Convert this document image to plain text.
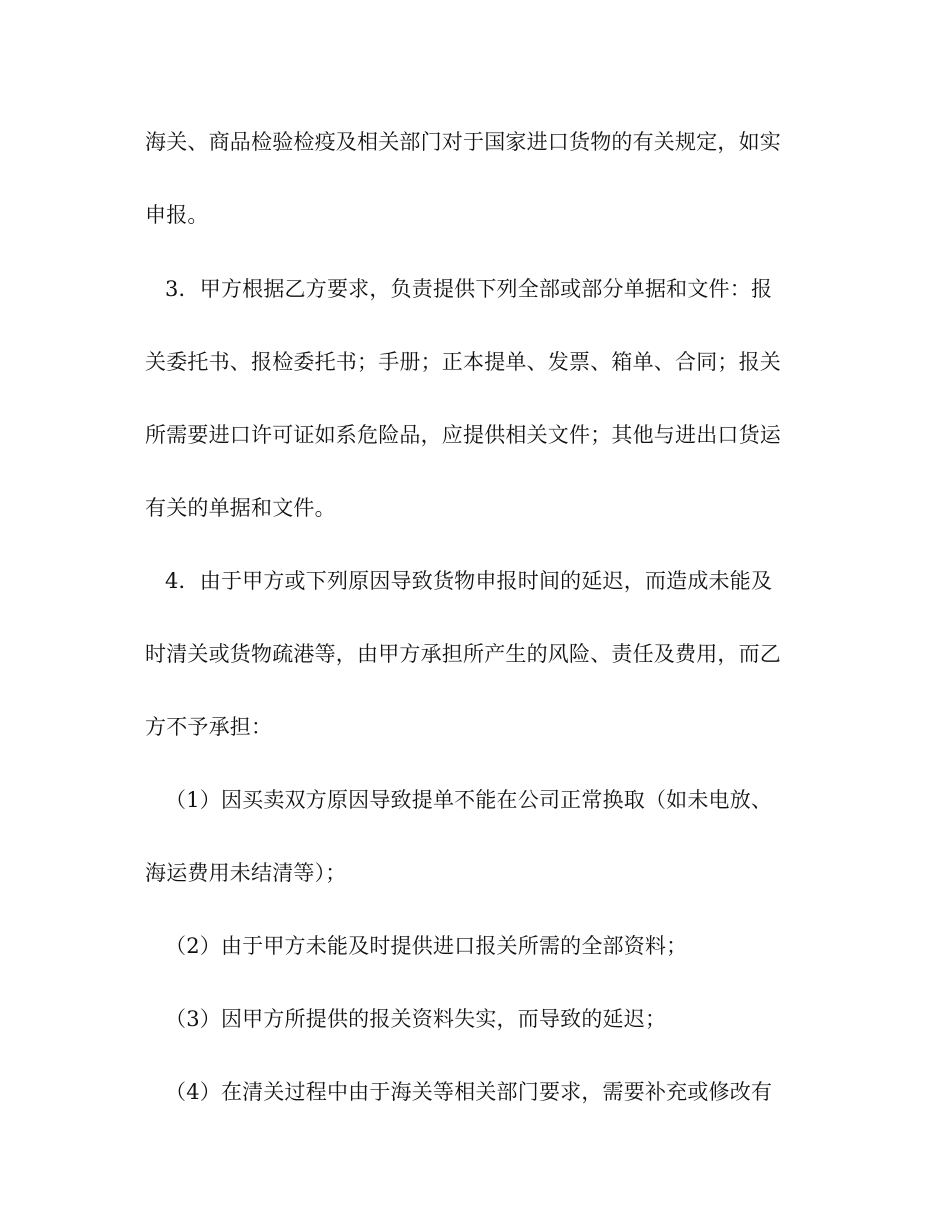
海关、商品检验检疫及相关部门对于国家进口货物的有关规定，如实
申报。
3．甲方根据乙方要求，负责提供下列全部或部分单据和文件：报
关委托书、报检委托书；手册；正本提单、发票、箱单、合同；报关
所需要进口许可证如系危险品，应提供相关文件；其他与进出口货运
有关的单据和文件。
4．由于甲方或下列原因导致货物申报时间的延迟，而造成未能及
时清关或货物疏港等，由甲方承担所产生的风险、责任及费用，而乙
方不予承担：
（1）因买卖双方原因导致提单不能在公司正常换取（如未电放、
海运费用未结清等）；
（2）由于甲方未能及时提供进口报关所需的全部资料；
（3）因甲方所提供的报关资料失实，而导致的延迟；
（4）在清关过程中由于海关等相关部门要求，需要补充或修改有
